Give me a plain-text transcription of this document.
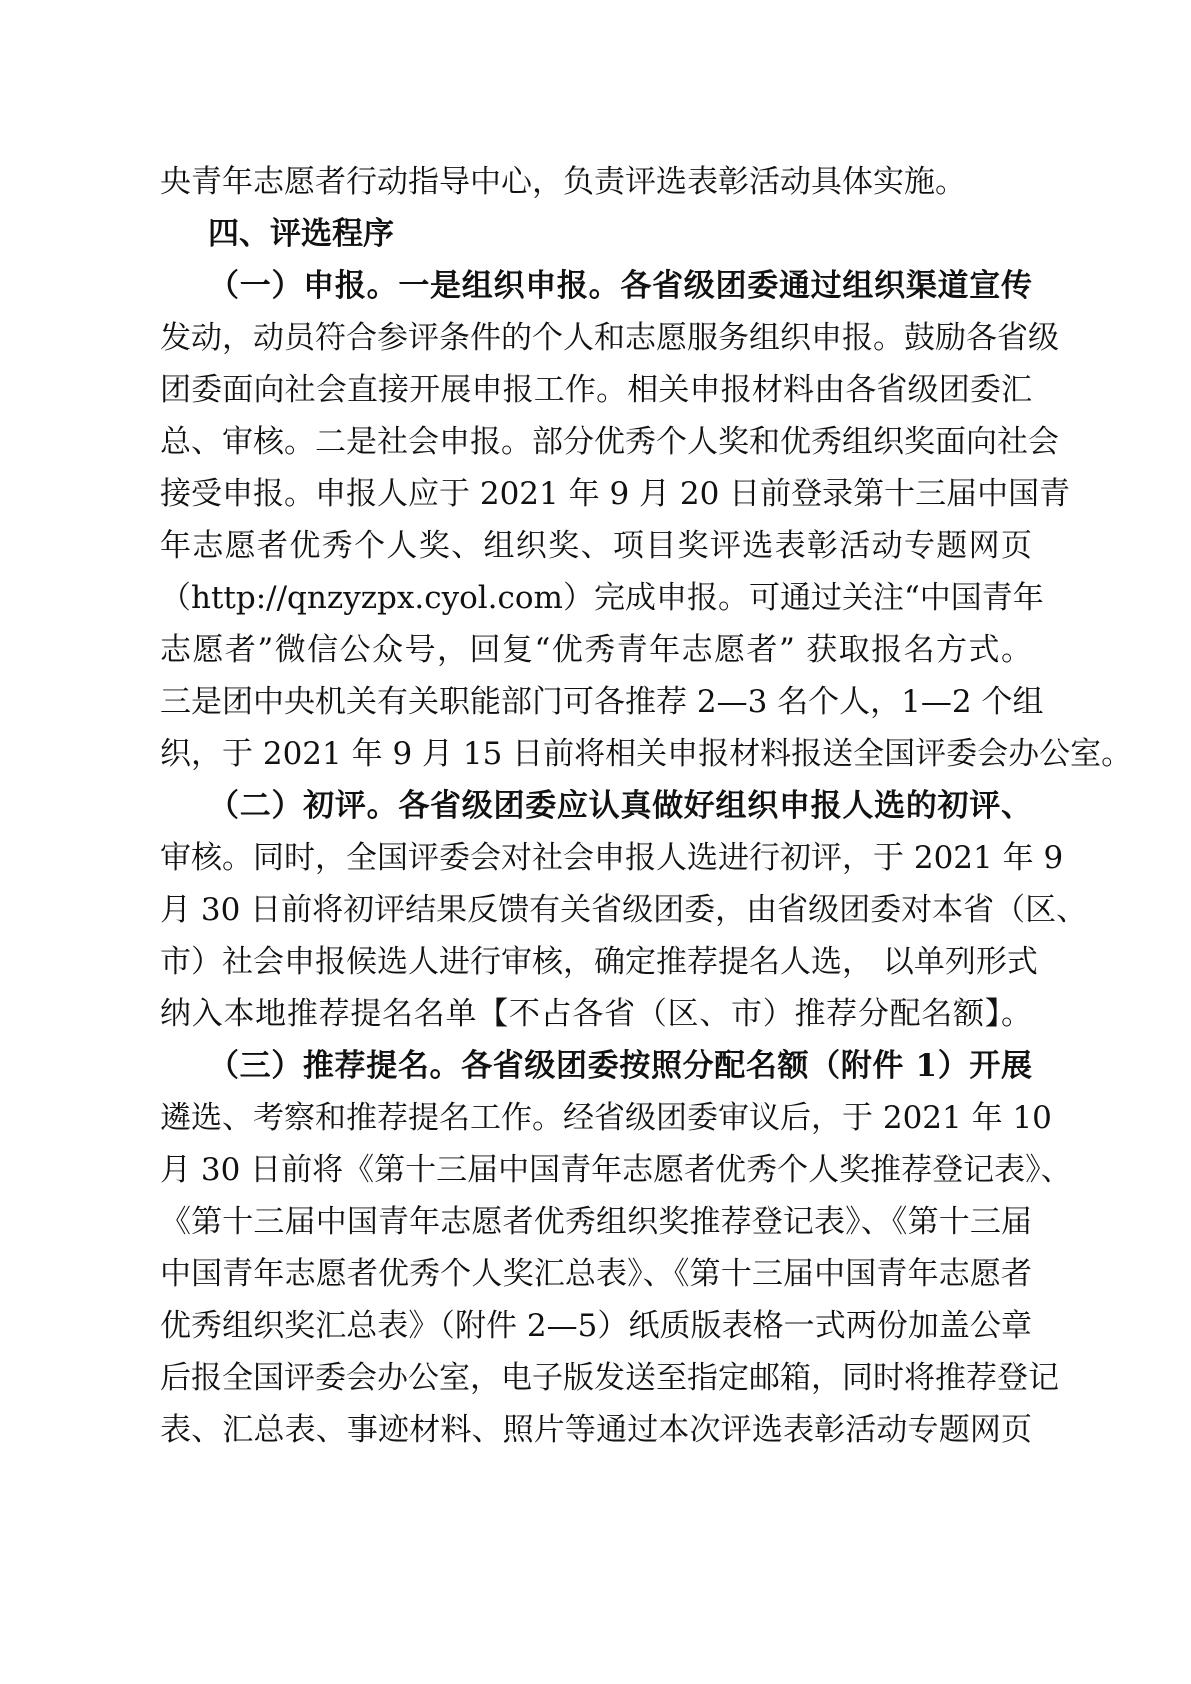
央青年志愿者行动指导中心，负责评选表彰活动具体实施。
四、评选程序
（一）申报。一是组织申报。各省级团委通过组织渠道宣传
发动，动员符合参评条件的个人和志愿服务组织申报。鼓励各省级
团委面向社会直接开展申报工作。相关申报材料由各省级团委汇
总、审核。二是社会申报。部分优秀个人奖和优秀组织奖面向社会
接受申报。申报人应于 2021 年 9 月 20 日前登录第十三届中国青
年志愿者优秀个人奖、组织奖、项目奖评选表彰活动专题网页
（http://qnzyzpx.cyol.com）完成申报。可通过关注“中国青年
志愿者”微信公众号，回复“优秀青年志愿者” 获取报名方式。
三是团中央机关有关职能部门可各推荐 2—3 名个人，1—2 个组
织，于 2021 年 9 月 15 日前将相关申报材料报送全国评委会办公室。
（二）初评。各省级团委应认真做好组织申报人选的初评、
审核。同时，全国评委会对社会申报人选进行初评，于 2021 年 9
月 30 日前将初评结果反馈有关省级团委，由省级团委对本省（区、
市）社会申报候选人进行审核，确定推荐提名人选， 以单列形式
纳入本地推荐提名名单【不占各省（区、市）推荐分配名额】。
（三）推荐提名。各省级团委按照分配名额（附件 1）开展
遴选、考察和推荐提名工作。经省级团委审议后，于 2021 年 10
月 30 日前将《第十三届中国青年志愿者优秀个人奖推荐登记表》、
《第十三届中国青年志愿者优秀组织奖推荐登记表》、《第十三届
中国青年志愿者优秀个人奖汇总表》、《第十三届中国青年志愿者
优秀组织奖汇总表》（附件 2—5）纸质版表格一式两份加盖公章
后报全国评委会办公室，电子版发送至指定邮箱，同时将推荐登记
表、汇总表、事迹材料、照片等通过本次评选表彰活动专题网页
